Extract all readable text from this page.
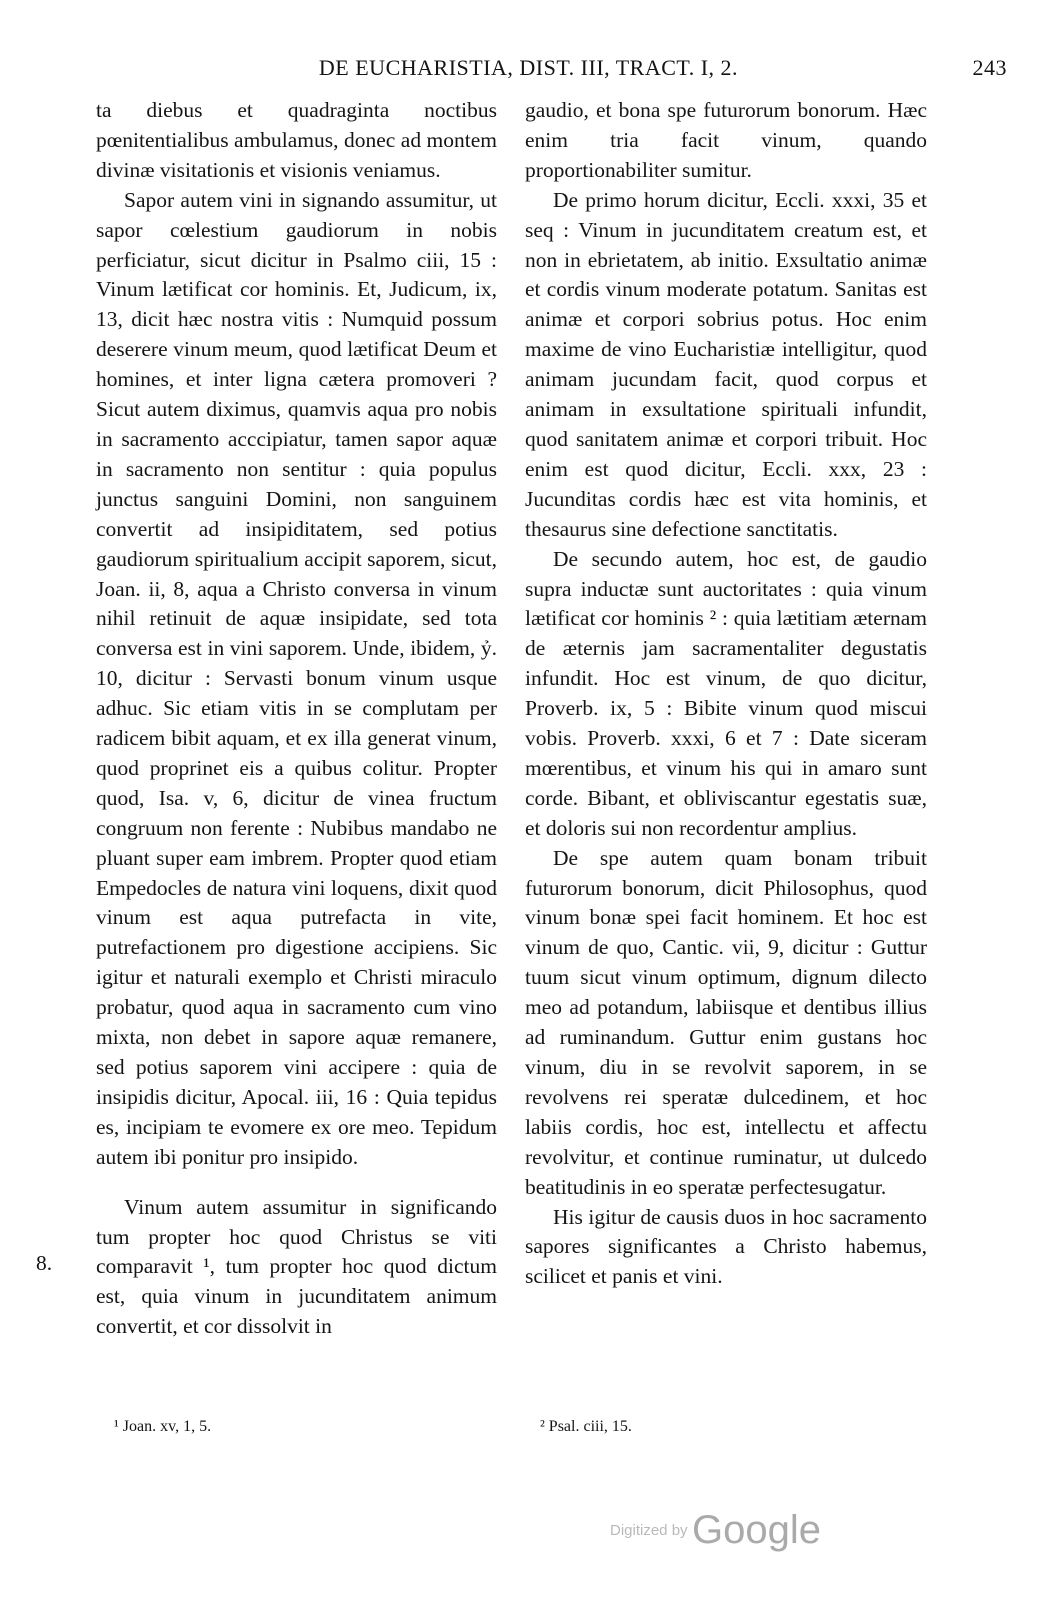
DE EUCHARISTIA, DIST. III, TRACT. I, 2.	243

ta diebus et quadraginta noctibus pœnitentialibus ambulamus, donec ad montem divinæ visitationis et visionis veniamus.

Sapor autem vini in signando assumitur, ut sapor cœlestium gaudiorum in nobis perficiatur, sicut dicitur in Psalmo ciii, 15 : Vinum lætificat cor hominis. Et, Judicum, ix, 13, dicit hæc nostra vitis : Numquid possum deserere vinum meum, quod lætificat Deum et homines, et inter ligna cætera promoveri ? Sicut autem diximus, quamvis aqua pro nobis in sacramento acccipiatur, tamen sapor aquæ in sacramento non sentitur : quia populus junctus sanguini Domini, non sanguinem convertit ad insipiditatem, sed potius gaudiorum spiritualium accipit saporem, sicut, Joan. ii, 8, aqua a Christo conversa in vinum nihil retinuit de aquæ insipidate, sed tota conversa est in vini saporem. Unde, ibidem, ỷ. 10, dicitur : Servasti bonum vinum usque adhuc. Sic etiam vitis in se complutam per radicem bibit aquam, et ex illa generat vinum, quod proprinet eis a quibus colitur. Propter quod, Isa. v, 6, dicitur de vinea fructum congruum non ferente : Nubibus mandabo ne pluant super eam imbrem. Propter quod etiam Empedocles de natura vini loquens, dixit quod vinum est aqua putrefacta in vite, putrefactionem pro digestione accipiens. Sic igitur et naturali exemplo et Christi miraculo probatur, quod aqua in sacramento cum vino mixta, non debet in sapore aquæ remanere, sed potius saporem vini accipere : quia de insipidis dicitur, Apocal. iii, 16 : Quia tepidus es, incipiam te evomere ex ore meo. Tepidum autem ibi ponitur pro insipido.

Vinum autem assumitur in significando tum propter hoc quod Christus se viti comparavit ¹, tum propter hoc quod dictum est, quia vinum in jucunditatem animum convertit, et cor dissolvit in

8.

gaudio, et bona spe futurorum bonorum. Hæc enim tria facit vinum, quando proportionabiliter sumitur.

De primo horum dicitur, Eccli. xxxi, 35 et seq : Vinum in jucunditatem creatum est, et non in ebrietatem, ab initio. Exsultatio animæ et cordis vinum moderate potatum. Sanitas est animæ et corpori sobrius potus. Hoc enim maxime de vino Eucharistiæ intelligitur, quod animam jucundam facit, quod corpus et animam in exsultatione spirituali infundit, quod sanitatem animæ et corpori tribuit. Hoc enim est quod dicitur, Eccli. xxx, 23 : Jucunditas cordis hæc est vita hominis, et thesaurus sine defectione sanctitatis.

De secundo autem, hoc est, de gaudio supra inductæ sunt auctoritates : quia vinum lætificat cor hominis ² : quia lætitiam æternam de æternis jam sacramentaliter degustatis infundit. Hoc est vinum, de quo dicitur, Proverb. ix, 5 : Bibite vinum quod miscui vobis. Proverb. xxxi, 6 et 7 : Date siceram mœrentibus, et vinum his qui in amaro sunt corde. Bibant, et obliviscantur egestatis suæ, et doloris sui non recordentur amplius.

De spe autem quam bonam tribuit futurorum bonorum, dicit Philosophus, quod vinum bonæ spei facit hominem. Et hoc est vinum de quo, Cantic. vii, 9, dicitur : Guttur tuum sicut vinum optimum, dignum dilecto meo ad potandum, labiisque et dentibus illius ad ruminandum. Guttur enim gustans hoc vinum, diu in se revolvit saporem, in se revolvens rei speratæ dulcedinem, et hoc labiis cordis, hoc est, intellectu et affectu revolvitur, et continue ruminatur, ut dulcedo beatitudinis in eo speratæ perfectesugatur.

His igitur de causis duos in hoc sacramento sapores significantes a Christo habemus, scilicet et panis et vini.

¹ Joan. xv, 1, 5.	² Psal. ciii, 15.
Digitized by Google
